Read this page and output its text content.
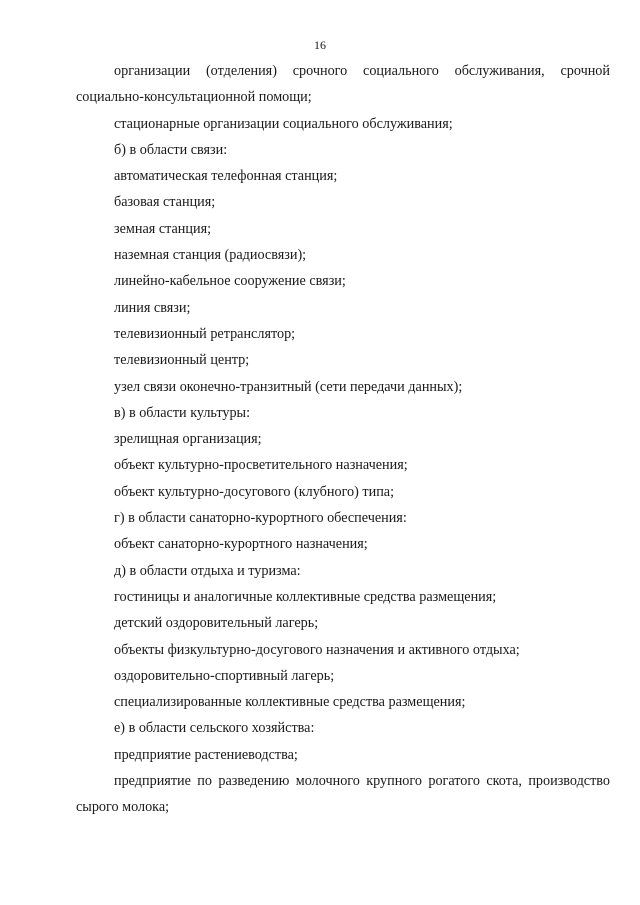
16

организации (отделения) срочного социального обслуживания, срочной социально-консультационной помощи;

стационарные организации социального обслуживания;

б) в области связи:

автоматическая телефонная станция;

базовая станция;

земная станция;

наземная станция (радиосвязи);

линейно-кабельное сооружение связи;

линия связи;

телевизионный ретранслятор;

телевизионный центр;

узел связи оконечно-транзитный (сети передачи данных);

в) в области культуры:

зрелищная организация;

объект культурно-просветительного назначения;

объект культурно-досугового (клубного) типа;

г) в области санаторно-курортного обеспечения:

объект санаторно-курортного назначения;

д) в области отдыха и туризма:

гостиницы и аналогичные коллективные средства размещения;

детский оздоровительный лагерь;

объекты физкультурно-досугового назначения и активного отдыха;

оздоровительно-спортивный лагерь;

специализированные коллективные средства размещения;

е) в области сельского хозяйства:

предприятие растениеводства;

предприятие по разведению молочного крупного рогатого скота, производство сырого молока;
